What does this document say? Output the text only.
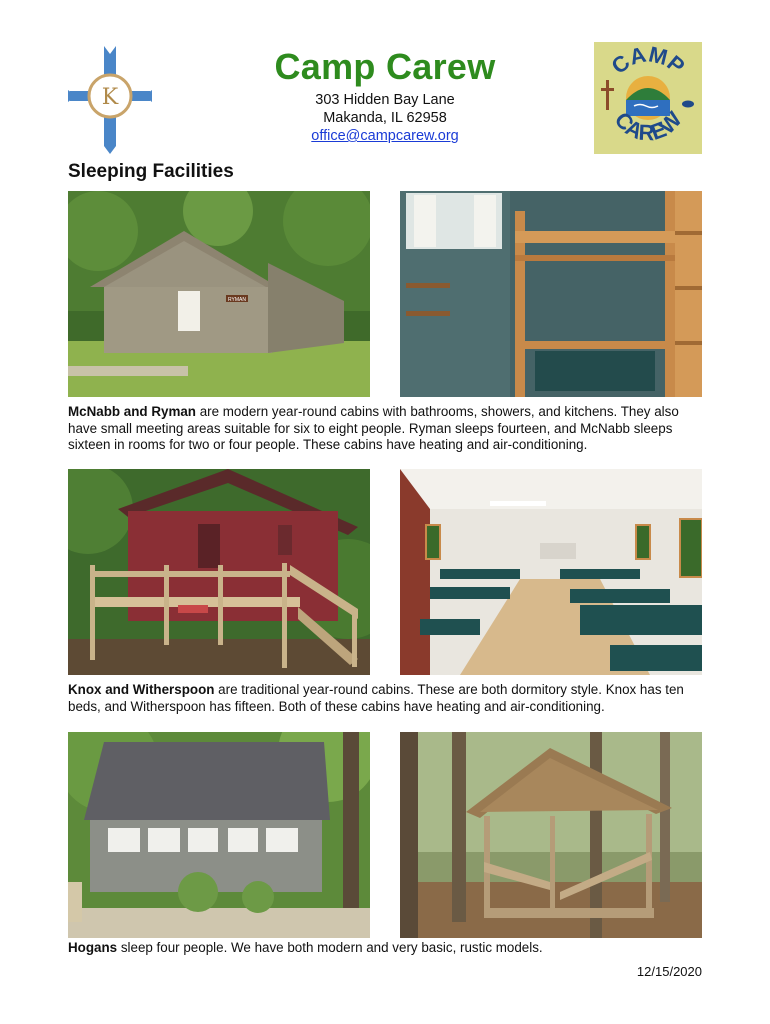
K
Camp Carew
303 Hidden Bay Lane
Makanda, IL 62958
office@campcarew.org
CAMP
CAREW
Sleeping Facilities
RYMAN
McNabb and Ryman are modern year-round cabins with bathrooms, showers, and kitchens. They also have small meeting areas suitable for six to eight people. Ryman sleeps fourteen, and McNabb sleeps sixteen in rooms for two or four people. These cabins have heating and air-conditioning.
Knox and Witherspoon are traditional year-round cabins. These are both dormitory style. Knox has ten beds, and Witherspoon has fifteen. Both of these cabins have heating and air-conditioning.
Hogans sleep four people. We have both modern and very basic, rustic models.
12/15/2020
